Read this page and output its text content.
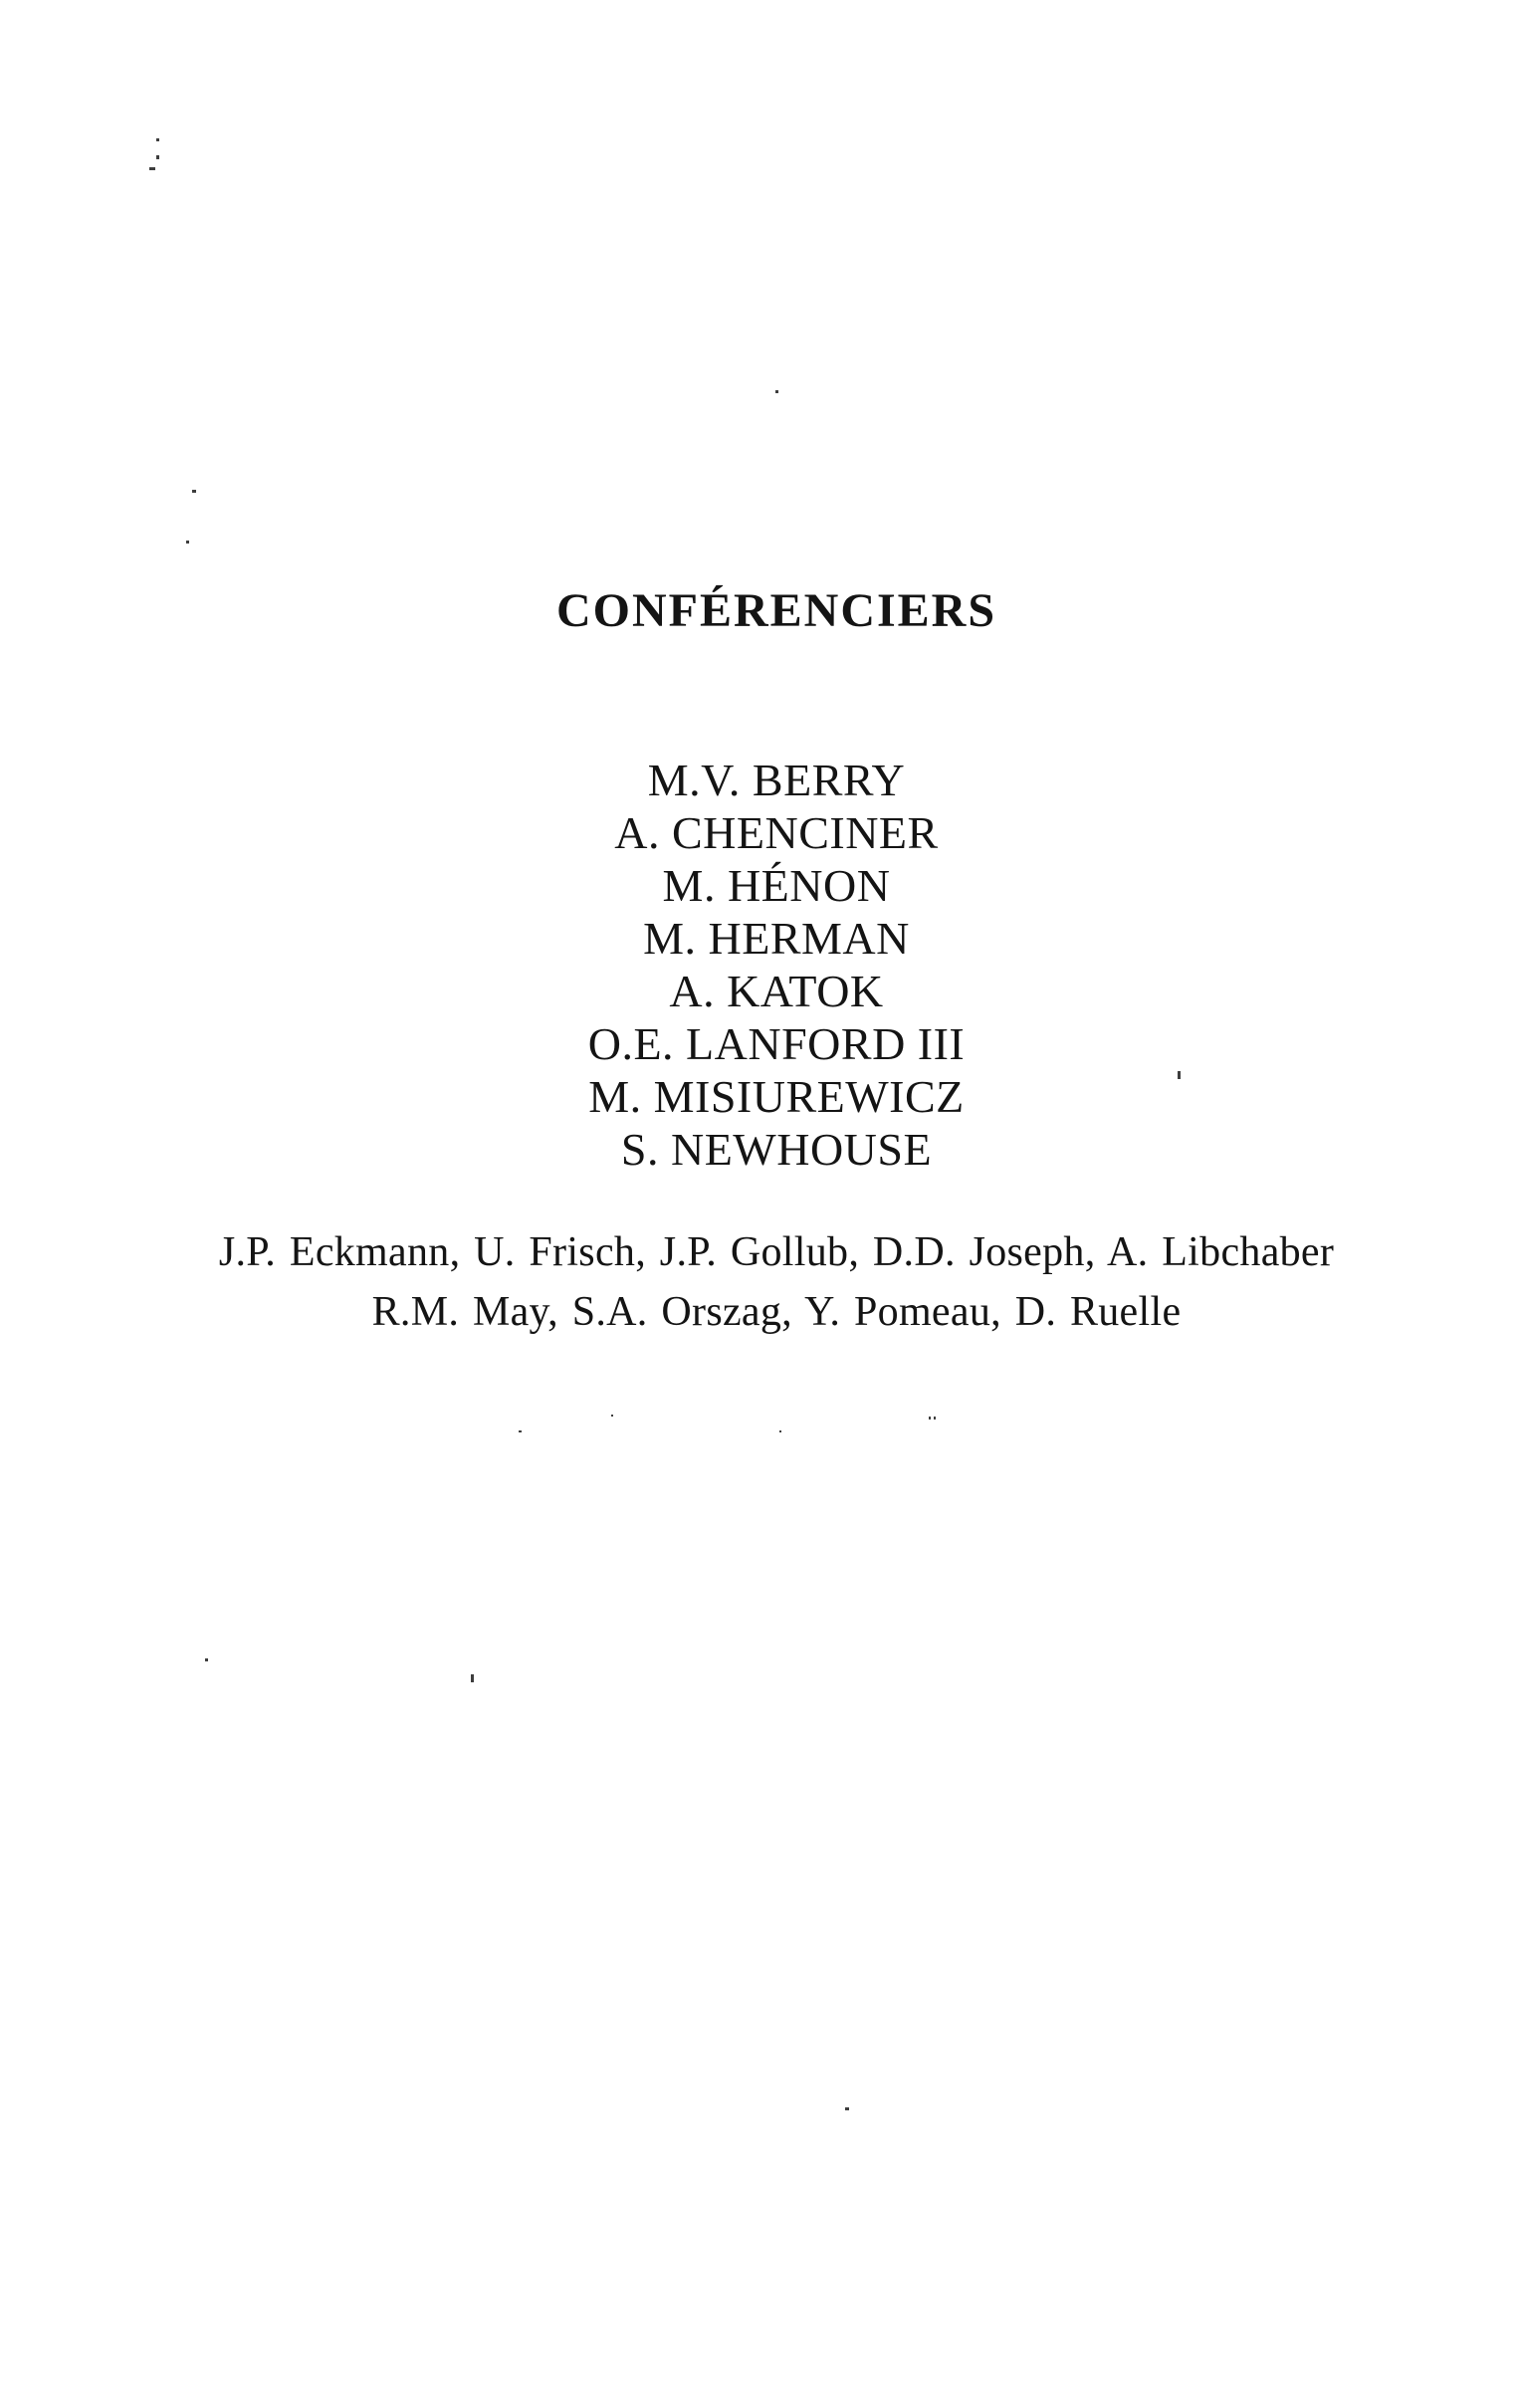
CONFÉRENCIERS
M.V. BERRY
A. CHENCINER
M. HÉNON
M. HERMAN
A. KATOK
O.E. LANFORD III
M. MISIUREWICZ
S. NEWHOUSE
J.P. Eckmann, U. Frisch, J.P. Gollub, D.D. Joseph, A. Libchaber
R.M. May, S.A. Orszag, Y. Pomeau, D. Ruelle
